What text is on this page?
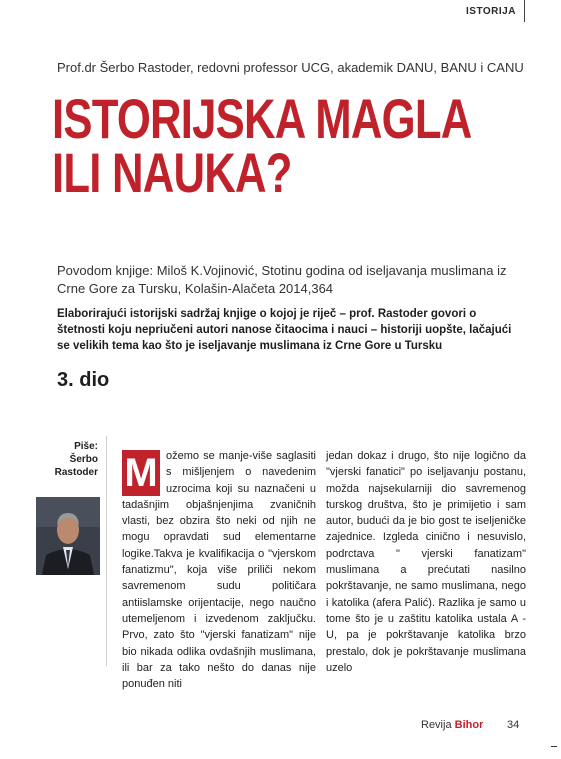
ISTORIJA
Prof.dr Šerbo Rastoder, redovni professor UCG, akademik DANU, BANU i CANU
ISTORIJSKA MAGLA
ILI NAUKA?
Povodom knjige: Miloš K.Vojinović, Stotinu godina od iseljavanja muslimana iz Crne Gore za Tursku, Kolašin-Alačeta 2014,364
Elaborirajući istorijski sadržaj knjige o kojoj je riječ – prof. Rastoder govori o štetnosti koju nepriučeni autori nanose čitaocima i nauci – historiji uopšte, lačajući se velikih tema kao što je iseljavanje muslimana iz Crne Gore u Tursku
3. dio
Piše:
Šerbo
Rastoder M ožemo se manje-više saglasiti s mišljenjem o navedenim uzrocima koji su naznačeni u tadašnjim objašnjenjima zvaničnih vlasti, bez obzira što neki od njih ne mogu opravdati sud elementarne logike.Takva je kvalifikacija o "vjerskom fanatizmu", koja više priliči nekom savremenom sudu političara antiislamske orijentacije, nego naučno utemeljenom i izvedenom zaključku. Prvo, zato što "vjerski fanatizam" nije bio nikada odlika ovdašnjih muslimana, ili bar za tako nešto do danas nije ponuđen niti

jedan dokaz i drugo, što nije logično da "vjerski fanatici" po iseljavanju postanu, možda najsekularniji dio savremenog turskog društva, što je primijetio i sam autor, budući da je bio gost te iseljeničke zajednice. Izgleda cinično i nesuvislo, podrctava " vjerski fanatizam" muslimana a prećutati nasilno pokrštavanje, ne samo muslimana, nego i katolika (afera Palić). Razlika je samo u tome što je u zaštitu katolika ustala A - U, pa je pokrštavanje katolika brzo prestalo, dok je pokrštavanje muslimana uzelo

Revija Bihor 34
